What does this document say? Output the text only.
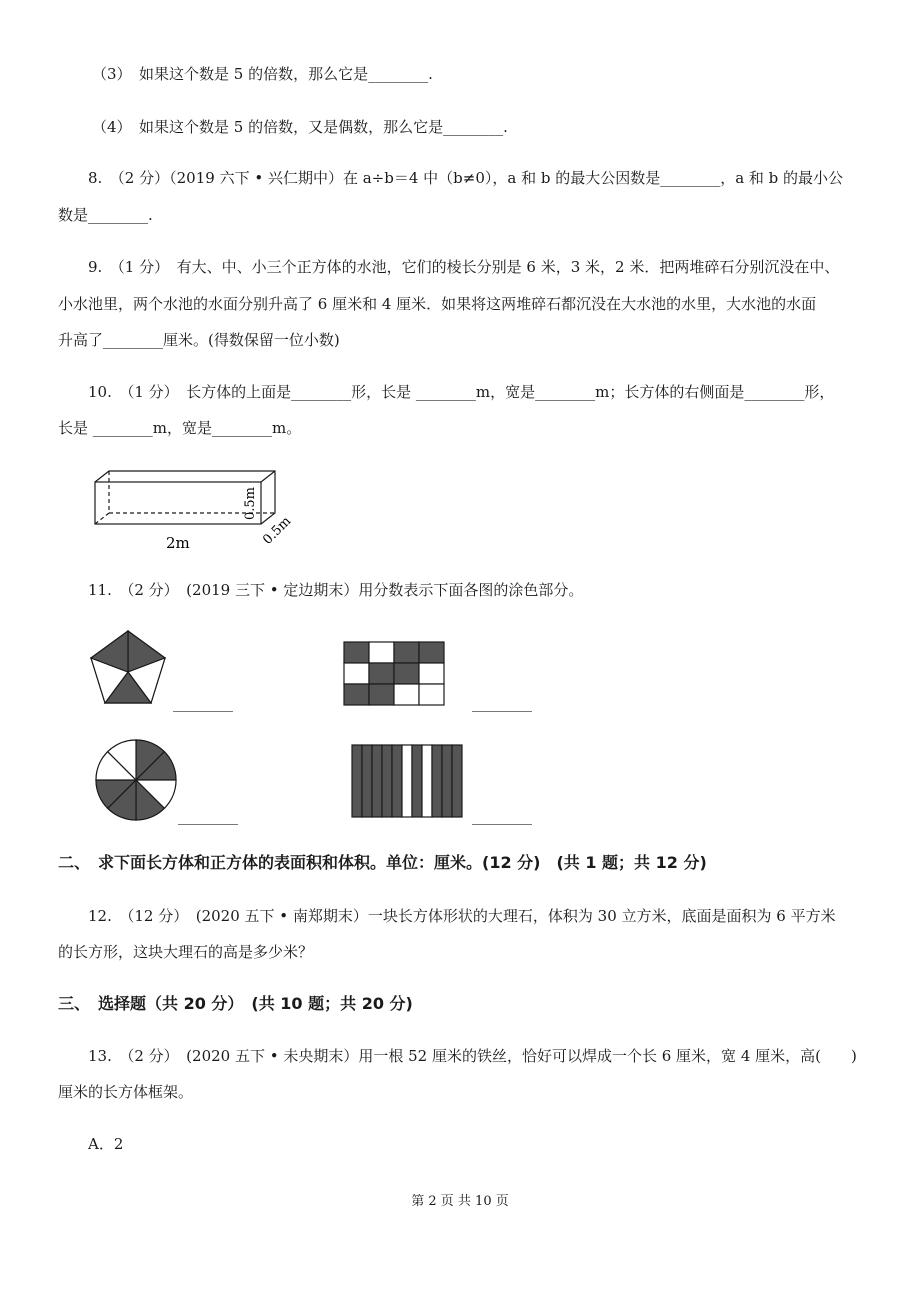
（3）　如果这个数是 5 的倍数，那么它是________.
（4）　如果这个数是 5 的倍数，又是偶数，那么它是________.
8.　（2 分）（2019 六下 • 兴仁期中）在 a÷b＝4 中（b≠0），a 和 b 的最大公因数是________，a 和 b 的最小公
数是________.
9.　（1 分）　有大、中、小三个正方体的水池，它们的棱长分别是 6 米，3 米，2 米．把两堆碎石分别沉没在中、
小水池里，两个水池的水面分别升高了 6 厘米和 4 厘米．如果将这两堆碎石都沉没在大水池的水里，大水池的水面
升高了________厘米。(得数保留一位小数)
10.　（1 分）　长方体的上面是________形，长是 ________m，宽是________m；长方体的右侧面是________形，
长是 ________m，宽是________m。
2m
0.5m
0.5m
11.　（2 分）　(2019 三下 • 定边期末）用分数表示下面各图的涂色部分。
________	________
________	________
二、　求下面长方体和正方体的表面积和体积。单位：厘米。(12 分)　(共 1 题；共 12 分)
12.　（12 分）　(2020 五下 • 南郑期末）一块长方体形状的大理石，体积为 30 立方米，底面是面积为 6 平方米
的长方形，这块大理石的高是多少米？
三、　选择题（共 20 分）　(共 10 题；共 20 分)
13.　（2 分）　(2020 五下 • 未央期末）用一根 52 厘米的铁丝，恰好可以焊成一个长 6 厘米，宽 4 厘米，高(　　)
厘米的长方体框架。
A．2
第 2 页 共 10 页
